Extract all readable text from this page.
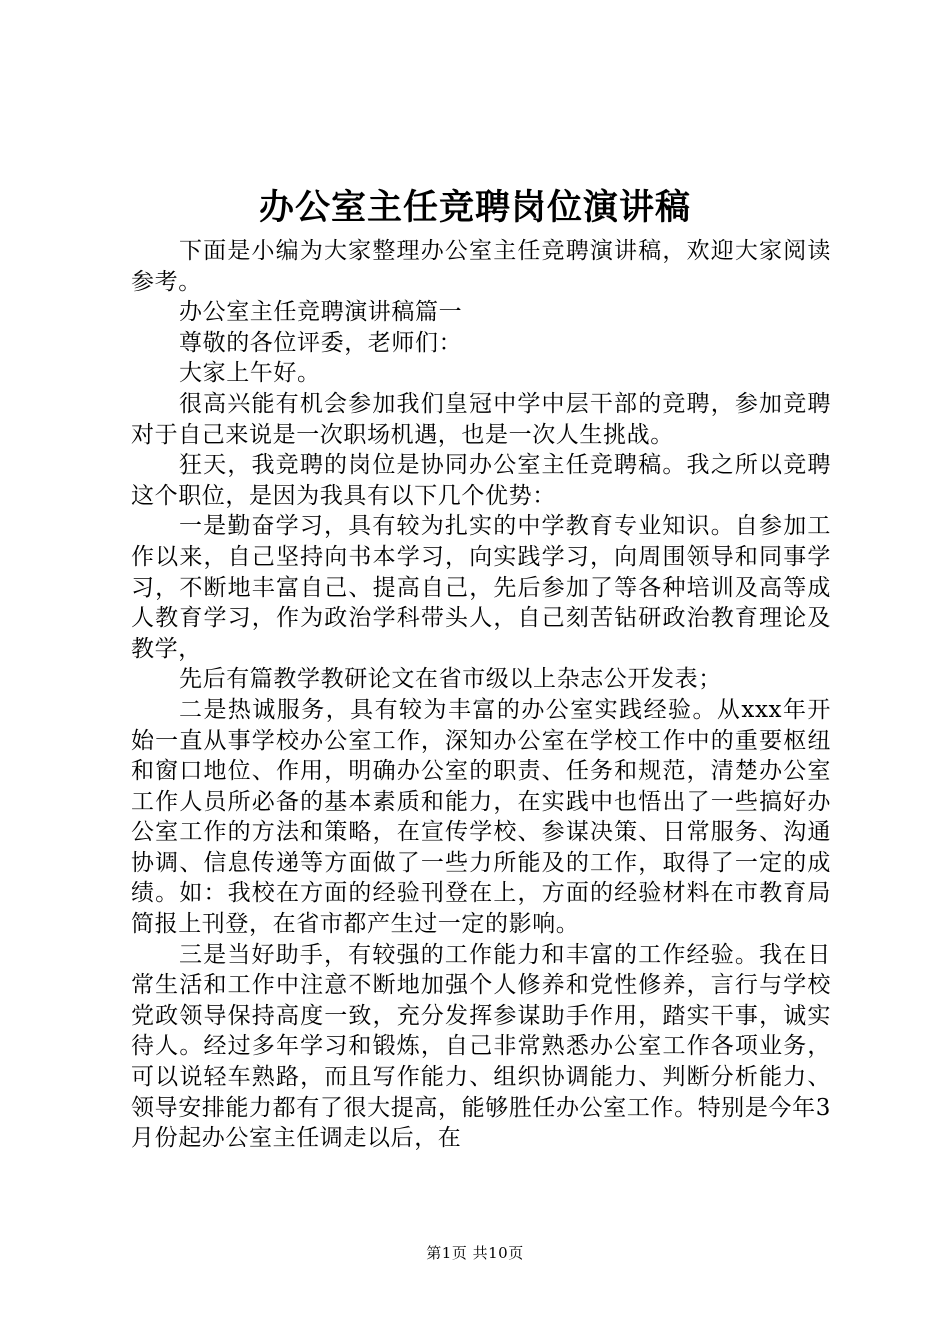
办公室主任竞聘岗位演讲稿

下面是小编为大家整理办公室主任竞聘演讲稿，欢迎大家阅读参考。

办公室主任竞聘演讲稿篇一

尊敬的各位评委，老师们：

大家上午好。

很高兴能有机会参加我们皇冠中学中层干部的竞聘，参加竞聘对于自己来说是一次职场机遇，也是一次人生挑战。

狂天，我竞聘的岗位是协同办公室主任竞聘稿。我之所以竞聘这个职位，是因为我具有以下几个优势：

一是勤奋学习，具有较为扎实的中学教育专业知识。自参加工作以来，自己坚持向书本学习，向实践学习，向周围领导和同事学习，不断地丰富自己、提高自己，先后参加了等各种培训及高等成人教育学习，作为政治学科带头人，自己刻苦钻研政治教育理论及教学，

先后有篇教学教研论文在省市级以上杂志公开发表；

二是热诚服务，具有较为丰富的办公室实践经验。从xxx年开始一直从事学校办公室工作，深知办公室在学校工作中的重要枢纽和窗口地位、作用，明确办公室的职责、任务和规范，清楚办公室工作人员所必备的基本素质和能力，在实践中也悟出了一些搞好办公室工作的方法和策略，在宣传学校、参谋决策、日常服务、沟通协调、信息传递等方面做了一些力所能及的工作，取得了一定的成绩。如：我校在方面的经验刊登在上，方面的经验材料在市教育局简报上刊登，在省市都产生过一定的影响。

三是当好助手，有较强的工作能力和丰富的工作经验。我在日常生活和工作中注意不断地加强个人修养和党性修养，言行与学校党政领导保持高度一致，充分发挥参谋助手作用，踏实干事，诚实待人。经过多年学习和锻炼，自己非常熟悉办公室工作各项业务，可以说轻车熟路，而且写作能力、组织协调能力、判断分析能力、领导安排能力都有了很大提高，能够胜任办公室工作。特别是今年3月份起办公室主任调走以后，在

第1页 共10页
